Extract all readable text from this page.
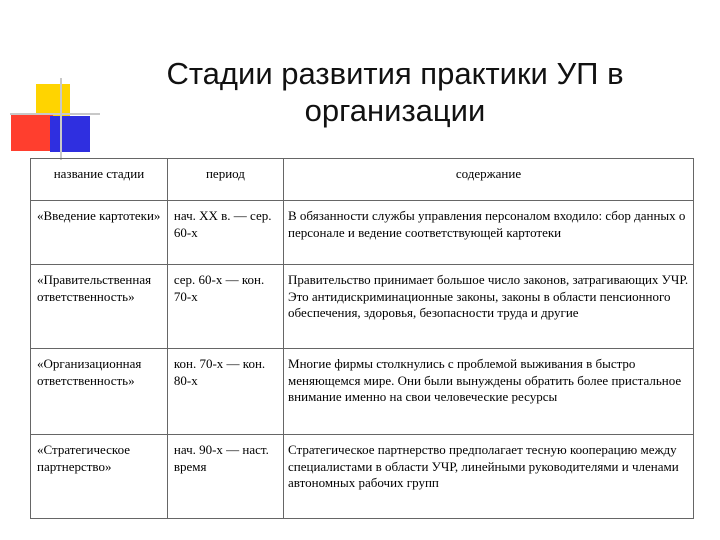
Стадии развития практики УП в организации
название стадии	период	содержание

«Введение картотеки»	нач. XX в. — сер. 60-х	В обязанности службы управления персоналом входило: сбор данных о персонале и ведение соответствующей картотеки

«Правительственная ответственность»	сер. 60-х — кон. 70-х	Правительство принимает большое число законов, затрагивающих УЧР. Это антидискриминационные законы, законы в области пенсионного обеспечения, здоровья, безопасности труда и другие

«Организационная ответственность»	кон. 70-х — кон. 80-х	Многие фирмы столкнулись с проблемой выживания в быстро меняющемся мире. Они были вынуждены обратить более пристальное внимание именно на свои человеческие ресурсы

«Стратегическое партнерство»	нач. 90-х — наст. время	Стратегическое партнерство предполагает тесную кооперацию между специалистами в области УЧР, линейными руководителями и членами автономных рабочих групп
